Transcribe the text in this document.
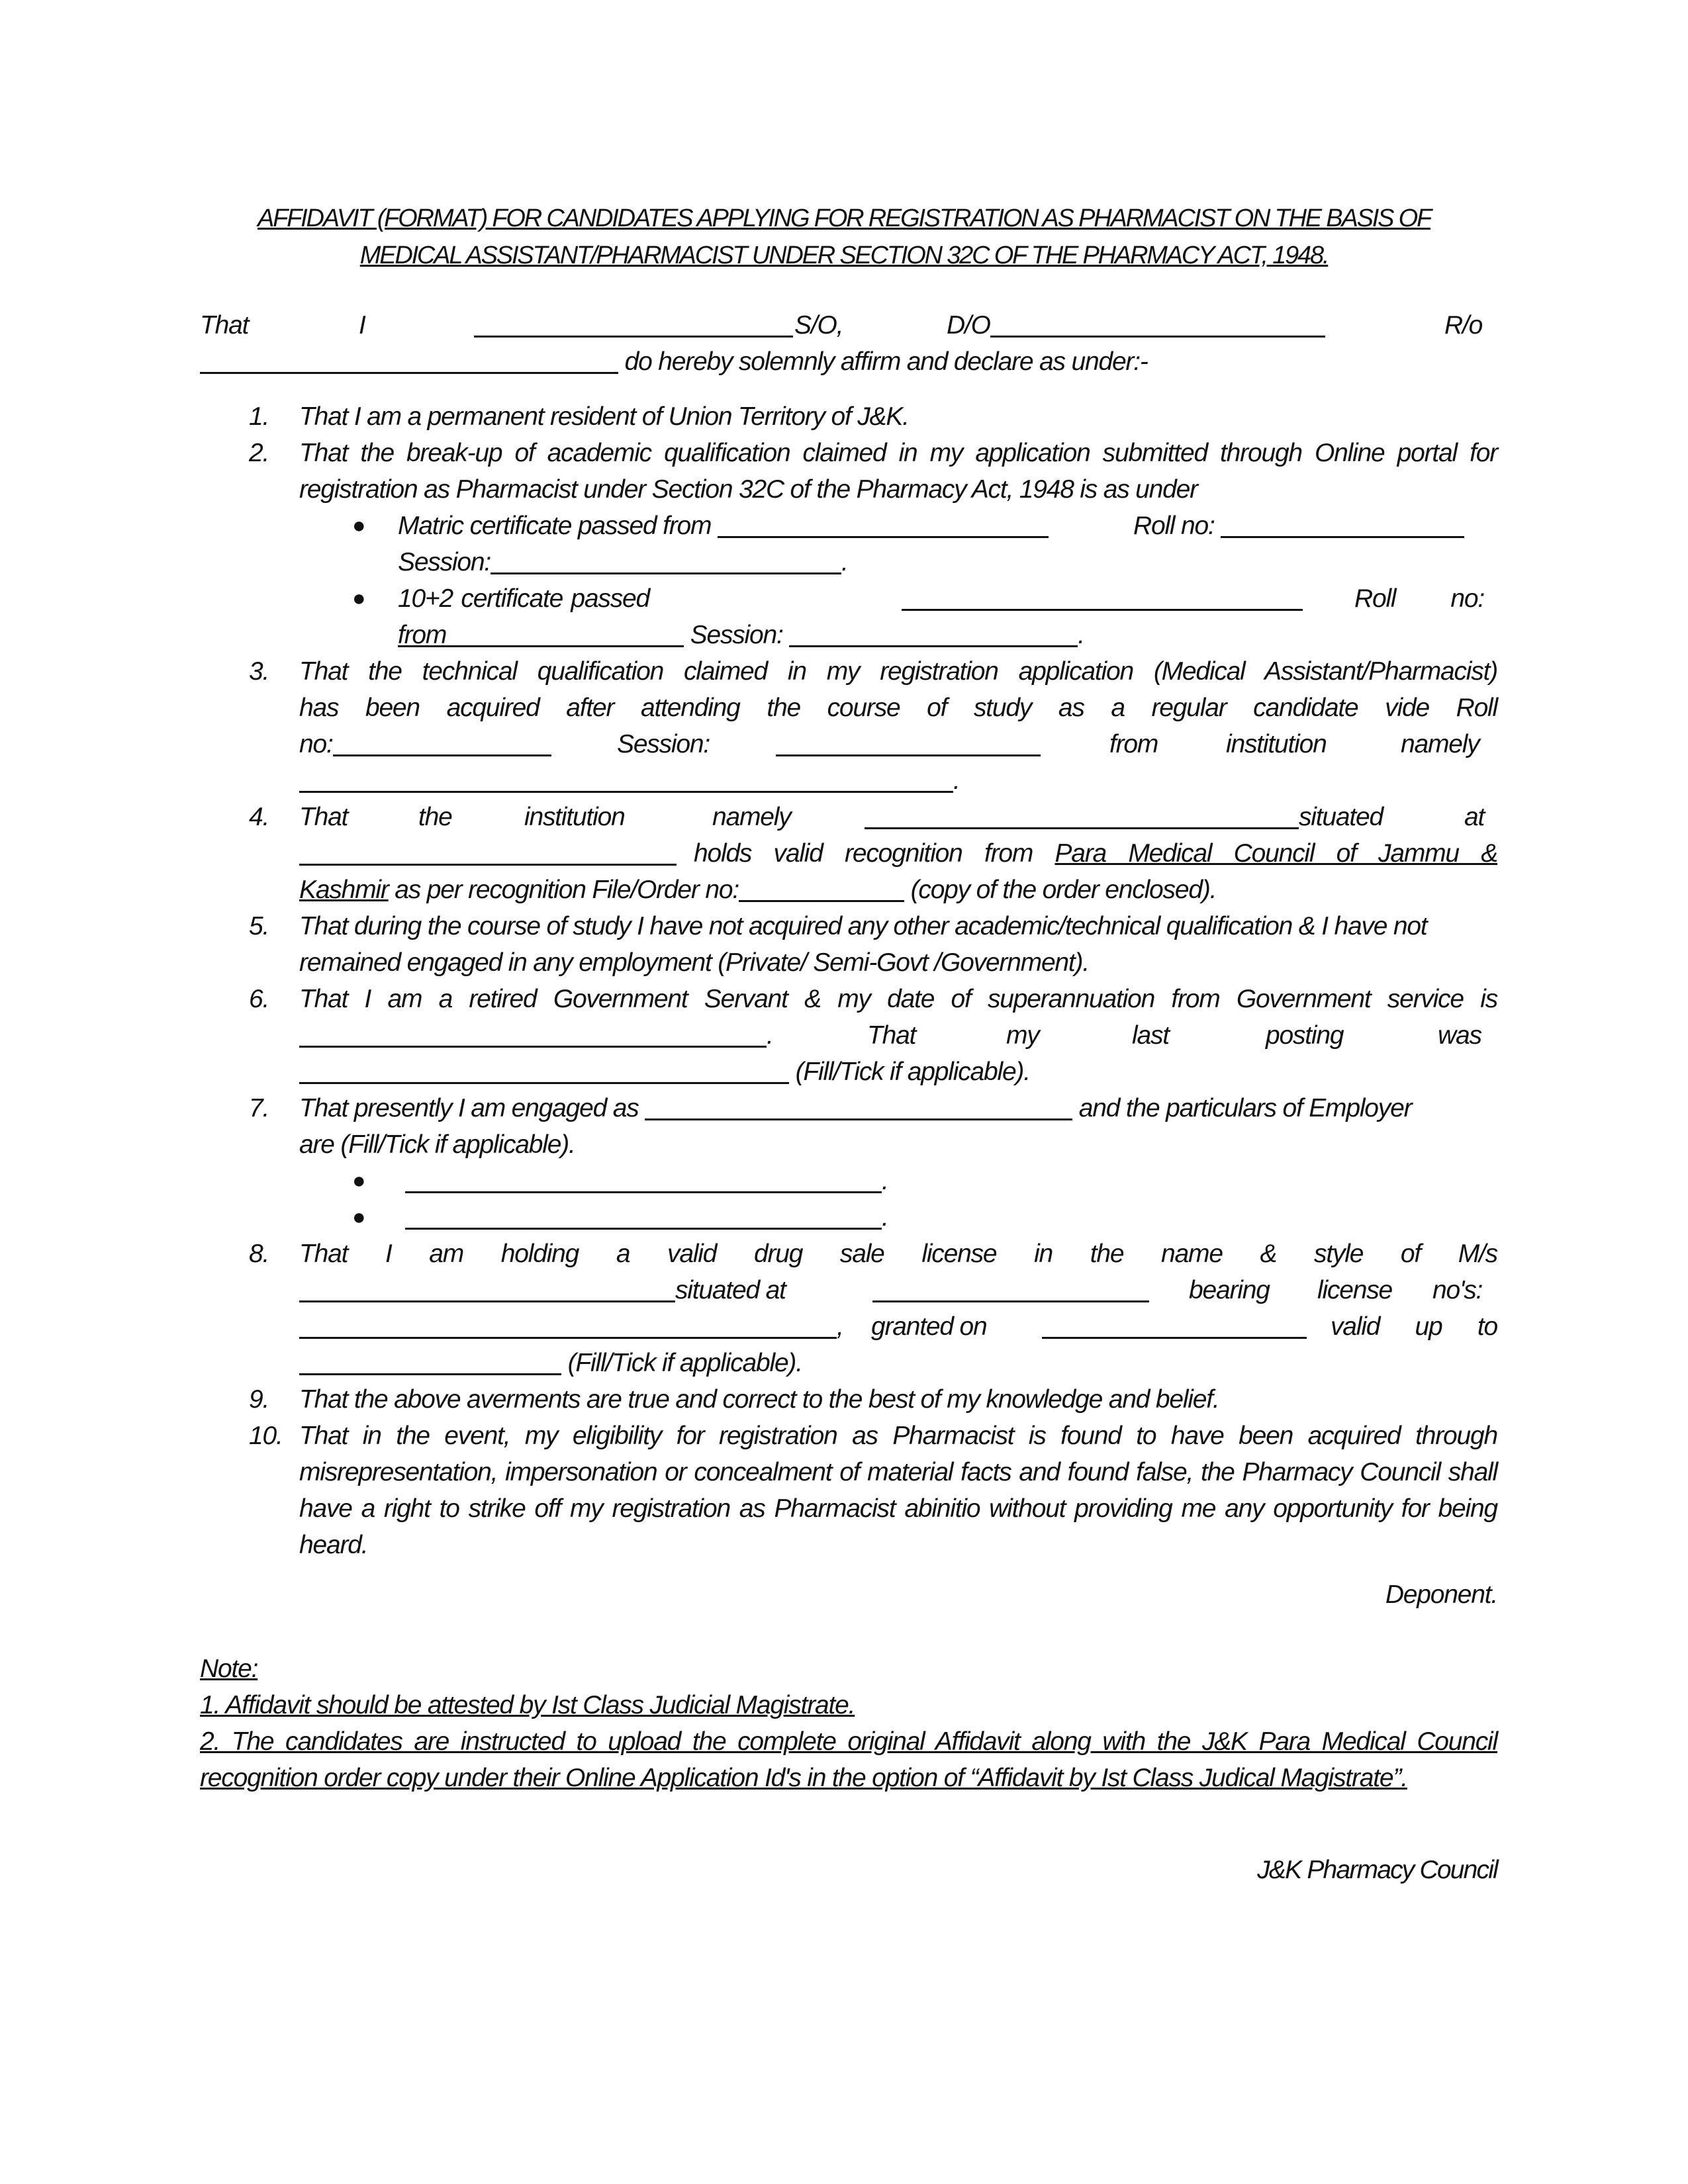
AFFIDAVIT (FORMAT) FOR CANDIDATES APPLYING FOR REGISTRATION AS PHARMACIST ON THE BASIS OF
MEDICAL ASSISTANT/PHARMACIST UNDER SECTION 32C OF THE PHARMACY ACT, 1948.
That	I	S/O,	D/O	R/o
do hereby solemnly affirm and declare as under:-
1.	That I am a permanent resident of Union Territory of J&K.
2.	That the break-up of academic qualification claimed in my application submitted through Online portal for registration as Pharmacist under Section 32C of the Pharmacy Act, 1948 is as under
● Matric certificate passed from	Roll no:
Session:	.
● 10+2 certificate passed from
Roll no:
Session:	.
3.	That the technical qualification claimed in my registration application (Medical Assistant/Pharmacist)
has been acquired after attending the course of study as a regular candidate vide Roll
no:	Session:	from	institution	namely
.
4.	That	the	institution	namely	situated	at
holds valid recognition from Para Medical Council of Jammu &
Kashmir as per recognition File/Order no:	(copy of the order enclosed).
5.	That during the course of study I have not acquired any other academic/technical qualification & I have not remained engaged in any employment (Private/ Semi-Govt /Government).
6.	That I am a retired Government Servant & my date of superannuation from Government service is
.	That	my	last	posting	was
(Fill/Tick if applicable).
7.	That presently I am engaged as	and the particulars of Employer
are (Fill/Tick if applicable).
●	.
●	.
8.	That I am holding a valid drug sale license in the name & style of M/s
situated at	bearing license no's:
, granted on	valid up to
(Fill/Tick if applicable).
9.	That the above averments are true and correct to the best of my knowledge and belief.
10. That in the event, my eligibility for registration as Pharmacist is found to have been acquired through misrepresentation, impersonation or concealment of material facts and found false, the Pharmacy Council shall have a right to strike off my registration as Pharmacist abinitio without providing me any opportunity for being heard.
Deponent.
Note:
1. Affidavit should be attested by Ist Class Judicial Magistrate.
2. The candidates are instructed to upload the complete original Affidavit along with the J&K Para Medical Council recognition order copy under their Online Application Id's in the option of “Affidavit by Ist Class Judical Magistrate”.
J&K Pharmacy Council
